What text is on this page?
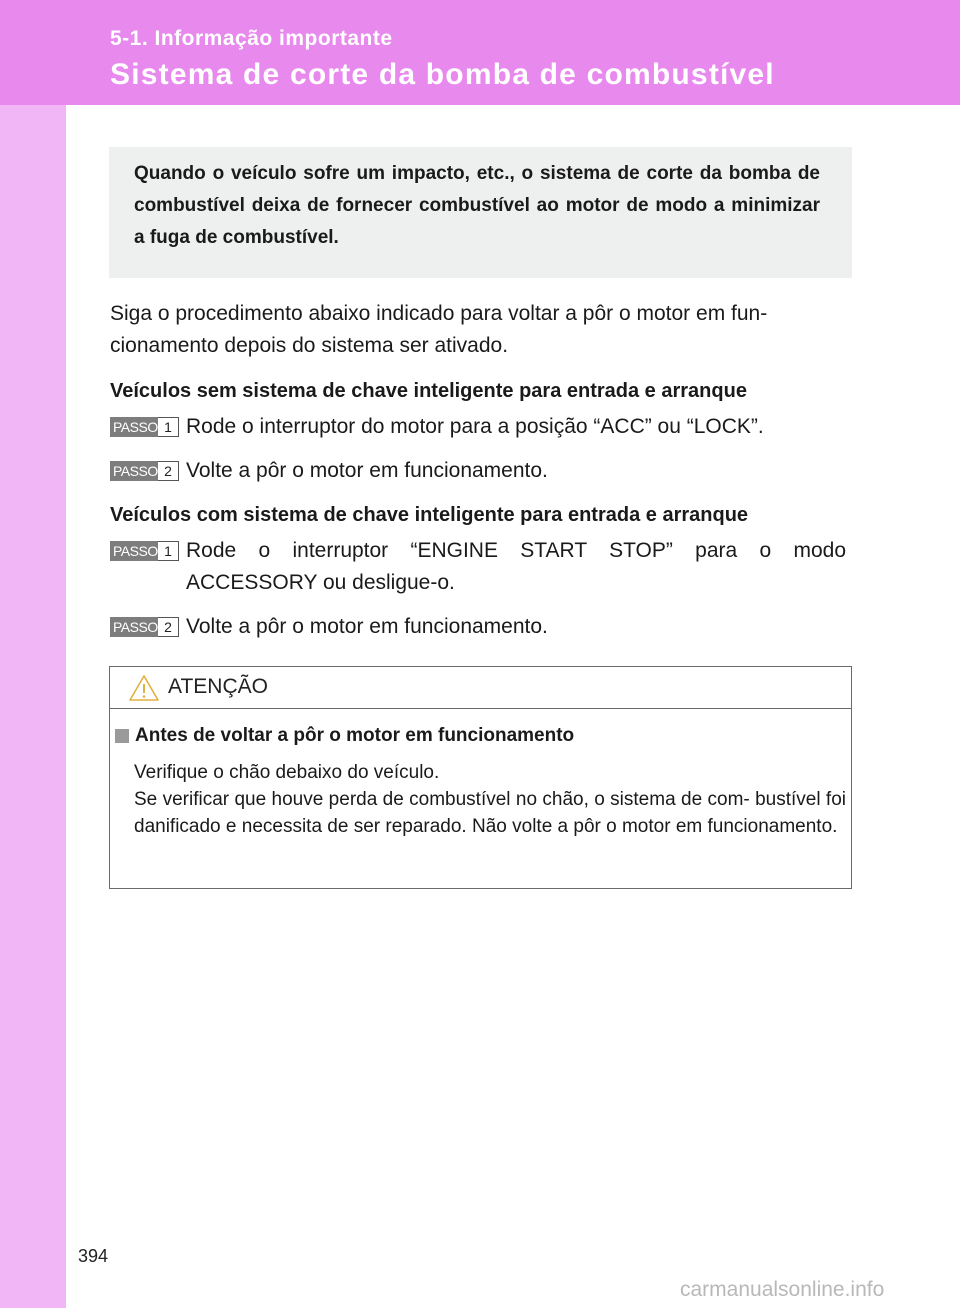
5-1. Informação importante
Sistema de corte da bomba de combustível

Quando o veículo sofre um impacto, etc., o sistema de corte da bomba de combustível deixa de fornecer combustível ao motor de modo a minimizar a fuga de combustível.

Siga o procedimento abaixo indicado para voltar a pôr o motor em fun- cionamento depois do sistema ser ativado.

Veículos sem sistema de chave inteligente para entrada e arranque

PASSO 1 Rode o interruptor do motor para a posição “ACC” ou “LOCK”.

PASSO 2 Volte a pôr o motor em funcionamento.

Veículos com sistema de chave inteligente para entrada e arranque

PASSO 1 Rode o interruptor “ENGINE START STOP” para o modo ACCESSORY ou desligue-o.

PASSO 2 Volte a pôr o motor em funcionamento.

ATENÇÃO
Antes de voltar a pôr o motor em funcionamento

Verifique o chão debaixo do veículo.
Se verificar que houve perda de combustível no chão, o sistema de com- bustível foi danificado e necessita de ser reparado. Não volte a pôr o motor em funcionamento.

394
carmanualsonline.info
